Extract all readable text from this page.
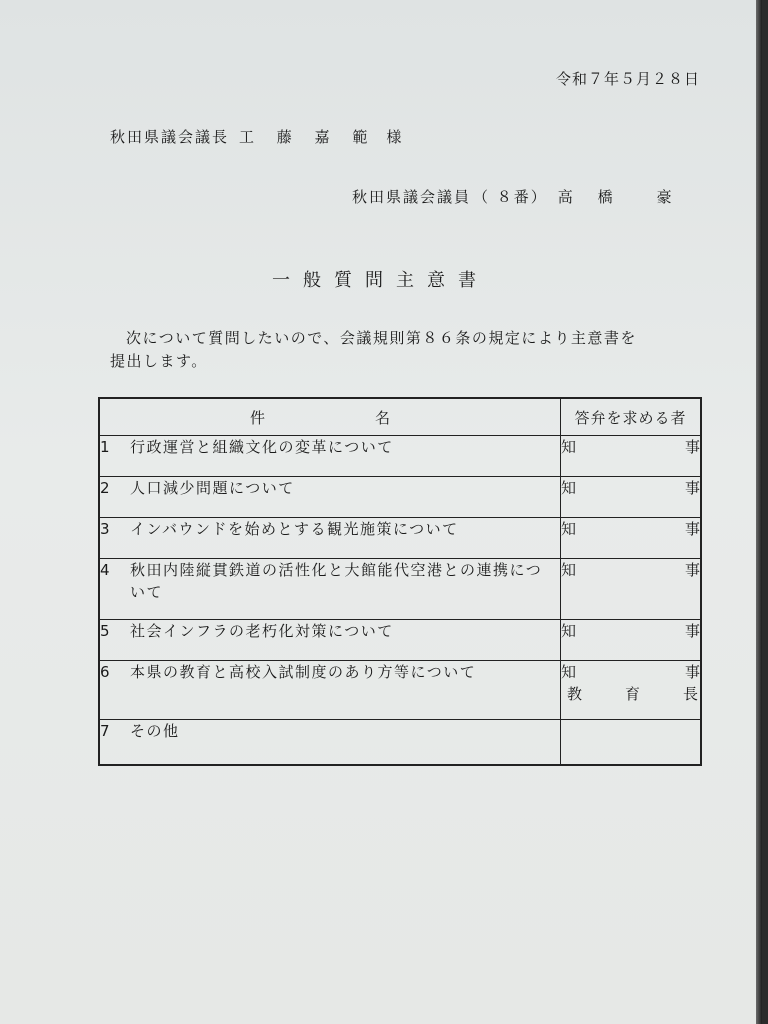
令和７年５月２８日
秋田県議会議長 工 藤 嘉 範 様
秋田県議会議員 （ ８番） 高 橋 豪
一般質問主意書
次について質問したいので、会議規則第８６条の規定により主意書を
提出します。
件 名	答弁を求める者
1 行政運営と組織文化の変革について	知 事

2 人口減少問題について	知 事

3 インバウンドを始めとする観光施策について	知 事

4 秋田内陸縦貫鉄道の活性化と大館能代空港との連携について	知 事

5 社会インフラの老朽化対策について	知 事

6 本県の教育と高校入試制度のあり方等について	知 事
教 育 長

7 その他	
